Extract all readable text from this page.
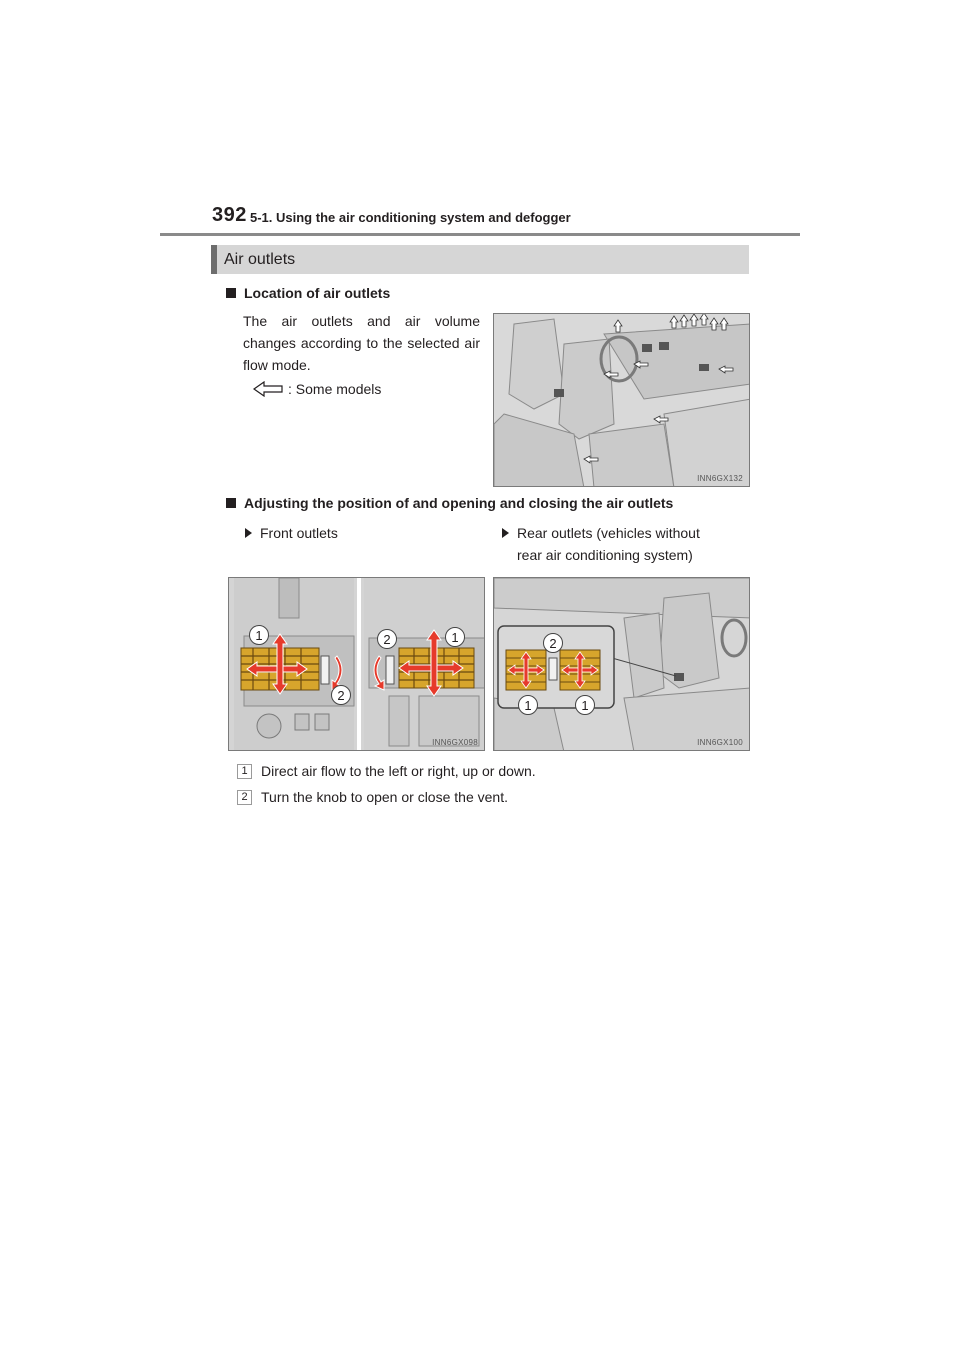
392 5-1. Using the air conditioning system and defogger
Air outlets
Location of air outlets
The air outlets and air volume changes according to the selected air flow mode.
: Some models
INN6GX132
Adjusting the position of and opening and closing the air outlets
Front outlets	Rear outlets (vehicles without
rear air conditioning system)
1
2
2	1
INN6GX098
2
1	1
INN6GX100
1 Direct air flow to the left or right, up or down.
2 Turn the knob to open or close the vent.
